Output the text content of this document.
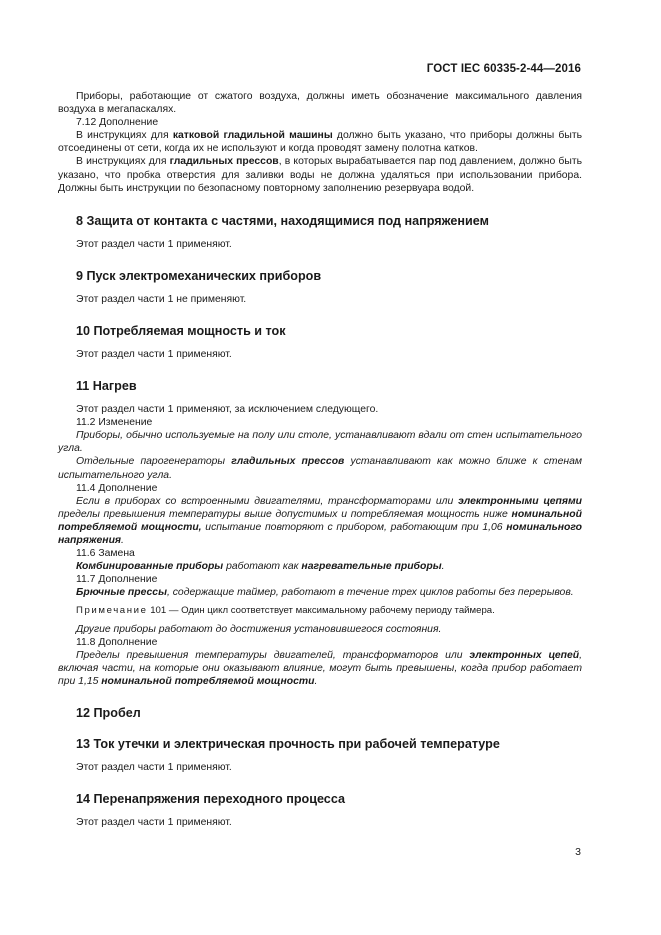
ГОСТ IEC 60335-2-44—2016

Приборы, работающие от сжатого воздуха, должны иметь обозначение максимального давления воздуха в мегапаскалях.

7.12 Дополнение

В инструкциях для катковой гладильной машины должно быть указано, что приборы должны быть отсоединены от сети, когда их не используют и когда проводят замену полотна катков.

В инструкциях для гладильных прессов, в которых вырабатывается пар под давлением, должно быть указано, что пробка отверстия для заливки воды не должна удаляться при использовании прибора. Должны быть инструкции по безопасному повторному заполнению резервуара водой.

8 Защита от контакта с частями, находящимися под напряжением
Этот раздел части 1 применяют.
9 Пуск электромеханических приборов
Этот раздел части 1 не применяют.
10 Потребляемая мощность и ток
Этот раздел части 1 применяют.
11 Нагрев
Этот раздел части 1 применяют, за исключением следующего.
11.2 Изменение

Приборы, обычно используемые на полу или столе, устанавливают вдали от стен испытательного угла.

Отдельные парогенераторы гладильных прессов устанавливают как можно ближе к стенам испытательного угла.

11.4 Дополнение

Если в приборах со встроенными двигателями, трансформаторами или электронными цепями пределы превышения температуры выше допустимых и потребляемая мощность ниже номинальной потребляемой мощности, испытание повторяют с прибором, работающим при 1,06 номинального напряжения.

11.6 Замена

Комбинированные приборы работают как нагревательные приборы.

11.7 Дополнение

Брючные прессы, содержащие таймер, работают в течение трех циклов работы без перерывов.

Примечание 101 — Один цикл соответствует максимальному рабочему периоду таймера.

Другие приборы работают до достижения установившегося состояния.

11.8 Дополнение

Пределы превышения температуры двигателей, трансформаторов или электронных цепей, включая части, на которые они оказывают влияние, могут быть превышены, когда прибор работает при 1,15 номинальной потребляемой мощности.

12 Пробел
13 Ток утечки и электрическая прочность при рабочей температуре
Этот раздел части 1 применяют.
14 Перенапряжения переходного процесса
Этот раздел части 1 применяют.
3
